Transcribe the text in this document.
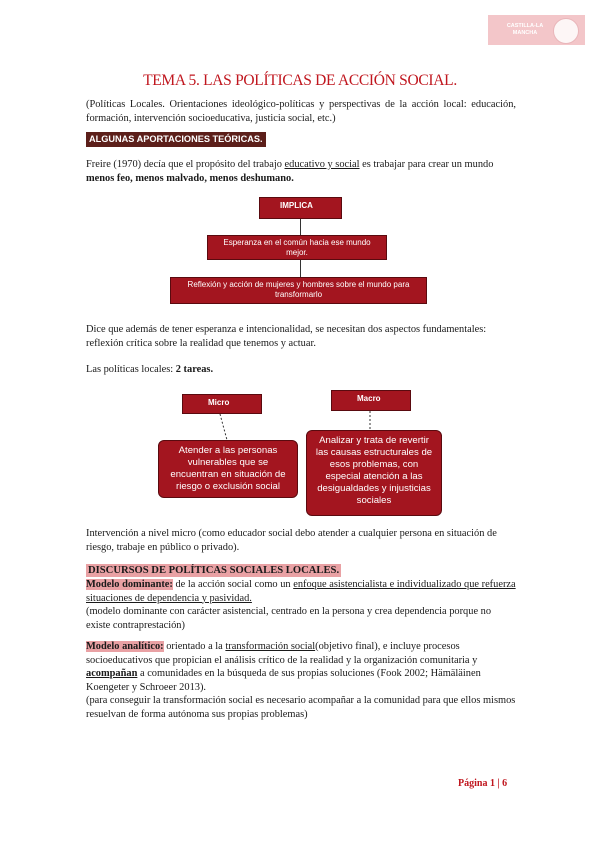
CASTILLA-LA MANCHA
TEMA 5. LAS POLÍTICAS DE ACCIÓN SOCIAL.
(Políticas Locales. Orientaciones ideológico-políticas y perspectivas de la acción local: educación, formación, intervención socioeducativa, justicia social, etc.)
ALGUNAS APORTACIONES TEÓRICAS.
Freire (1970) decía que el propósito del trabajo educativo y social es trabajar para crear un mundo menos feo, menos malvado, menos deshumano.
IMPLICA
Esperanza en el común hacia ese mundo mejor.
Reflexión y acción de mujeres y hombres sobre el mundo para transformarlo
Dice que además de tener esperanza e intencionalidad, se necesitan dos aspectos fundamentales: reflexión crítica sobre la realidad que tenemos y actuar.
Las políticas locales: 2 tareas.
Micro	Macro
Atender a las personas vulnerables que se encuentran en situación de riesgo o exclusión social
Analizar y trata de revertir las causas estructurales de esos problemas, con especial atención a las desigualdades y injusticias sociales
Intervención a nivel micro (como educador social debo atender a cualquier persona en situación de riesgo, trabaje en público o privado).
DISCURSOS DE POLÍTICAS SOCIALES LOCALES.
Modelo dominante: de la acción social como un enfoque asistencialista e individualizado que refuerza situaciones de dependencia y pasividad.
(modelo dominante con carácter asistencial, centrado en la persona y crea dependencia porque no existe contraprestación)
Modelo analítico: orientado a la transformación social(objetivo final), e incluye procesos socioeducativos que propician el análisis crítico de la realidad y la organización comunitaria y acompañan a comunidades en la búsqueda de sus propias soluciones (Fook 2002; Hämäläinen Koengeter y Schroeer 2013).
(para conseguir la transformación social es necesario acompañar a la comunidad para que ellos mismos resuelvan de forma autónoma sus propias problemas)
Página 1 | 6
